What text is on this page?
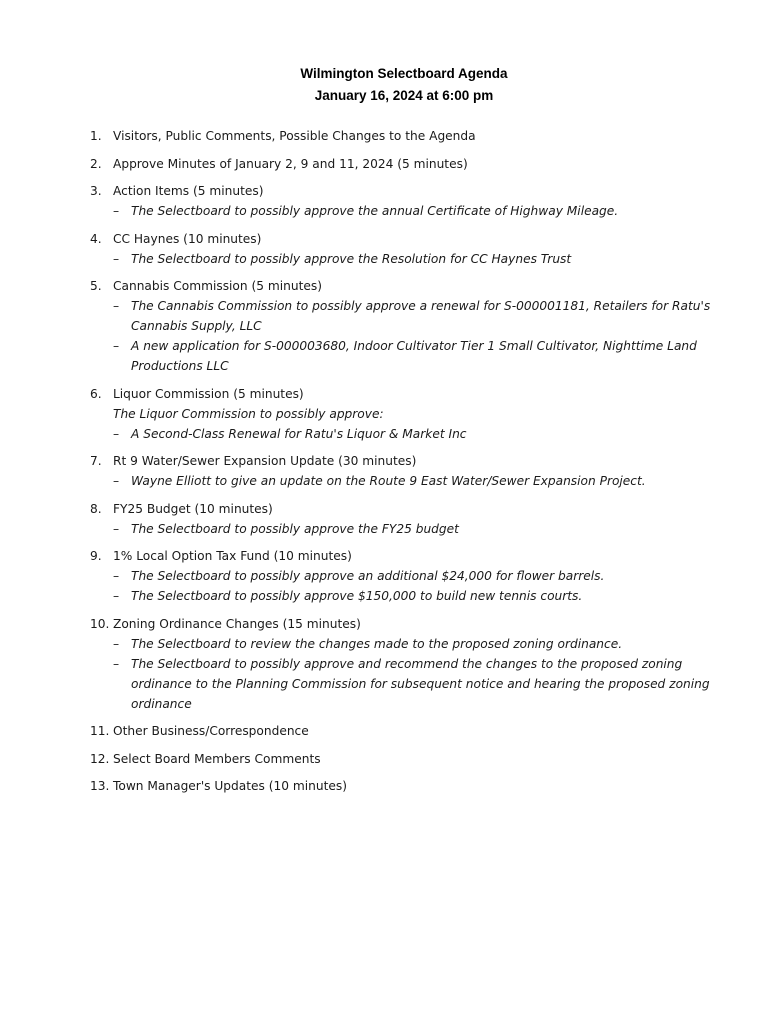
Wilmington Selectboard Agenda
January 16, 2024 at 6:00 pm
1. Visitors, Public Comments, Possible Changes to the Agenda
2. Approve Minutes of January 2, 9 and 11, 2024 (5 minutes)
3. Action Items (5 minutes)
– The Selectboard to possibly approve the annual Certificate of Highway Mileage.
4. CC Haynes (10 minutes)
– The Selectboard to possibly approve the Resolution for CC Haynes Trust
5. Cannabis Commission (5 minutes)
– The Cannabis Commission to possibly approve a renewal for S-000001181, Retailers for Ratu's Cannabis Supply, LLC
– A new application for S-000003680, Indoor Cultivator Tier 1 Small Cultivator, Nighttime Land Productions LLC
6. Liquor Commission (5 minutes)
The Liquor Commission to possibly approve:
– A Second-Class Renewal for Ratu's Liquor & Market Inc
7. Rt 9 Water/Sewer Expansion Update (30 minutes)
– Wayne Elliott to give an update on the Route 9 East Water/Sewer Expansion Project.
8. FY25 Budget (10 minutes)
– The Selectboard to possibly approve the FY25 budget
9. 1% Local Option Tax Fund (10 minutes)
– The Selectboard to possibly approve an additional $24,000 for flower barrels.
– The Selectboard to possibly approve $150,000 to build new tennis courts.
10. Zoning Ordinance Changes (15 minutes)
– The Selectboard to review the changes made to the proposed zoning ordinance.
– The Selectboard to possibly approve and recommend the changes to the proposed zoning ordinance to the Planning Commission for subsequent notice and hearing the proposed zoning ordinance
11. Other Business/Correspondence
12. Select Board Members Comments
13. Town Manager's Updates (10 minutes)
